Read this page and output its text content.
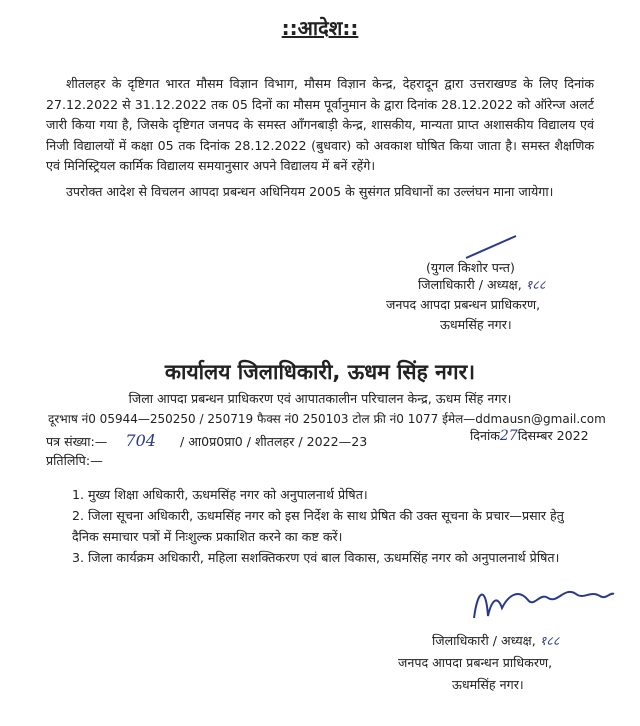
::आदेश::
शीतलहर के दृष्टिगत भारत मौसम विज्ञान विभाग, मौसम विज्ञान केन्द्र, देहरादून द्वारा उत्तराखण्ड के लिए दिनांक 27.12.2022 से 31.12.2022 तक 05 दिनों का मौसम पूर्वानुमान के द्वारा दिनांक 28.12.2022 को ऑरेन्ज अलर्ट जारी किया गया है, जिसके दृष्टिगत जनपद के समस्त आँगनबाड़ी केन्द्र, शासकीय, मान्यता प्राप्त अशासकीय विद्यालय एवं निजी विद्यालयों में कक्षा 05 तक दिनांक 28.12.2022 (बुधवार) को अवकाश घोषित किया जाता है। समस्त शैक्षणिक एवं मिनिस्ट्रियल कार्मिक विद्यालय समयानुसार अपने विद्यालय में बनें रहेंगे।
उपरोक्त आदेश से विचलन आपदा प्रबन्धन अधिनियम 2005 के सुसंगत प्रविधानों का उल्लंघन माना जायेगा।
(युगल किशोर पन्त)
जिलाधिकारी / अध्यक्ष, १८८
जनपद आपदा प्रबन्धन प्राधिकरण,
ऊधमसिंह नगर।
कार्यालय जिलाधिकारी, ऊधम सिंह नगर।
जिला आपदा प्रबन्धन प्राधिकरण एवं आपातकालीन परिचालन केन्द्र, ऊधम सिंह नगर।
दूरभाष नं0 05944—250250 / 250719 फैक्स नं0 250103 टोल फ्री नं0 1077 ईमेल—ddmausn@gmail.com
पत्र संख्या:— 704 / आ0प्र0प्रा0 / शीतलहर / 2022—23	दिनांक27दिसम्बर 2022
प्रतिलिपि:—
1. मुख्य शिक्षा अधिकारी, ऊधमसिंह नगर को अनुपालनार्थ प्रेषित।
2. जिला सूचना अधिकारी, ऊधमसिंह नगर को इस निर्देश के साथ प्रेषित की उक्त सूचना के प्रचार—प्रसार हेतु दैनिक समाचार पत्रों में निःशुल्क प्रकाशित करने का कष्ट करें।
3. जिला कार्यक्रम अधिकारी, महिला सशक्तिकरण एवं बाल विकास, ऊधमसिंह नगर को अनुपालनार्थ प्रेषित।
जिलाधिकारी / अध्यक्ष, १८८
जनपद आपदा प्रबन्धन प्राधिकरण,
ऊधमसिंह नगर।
